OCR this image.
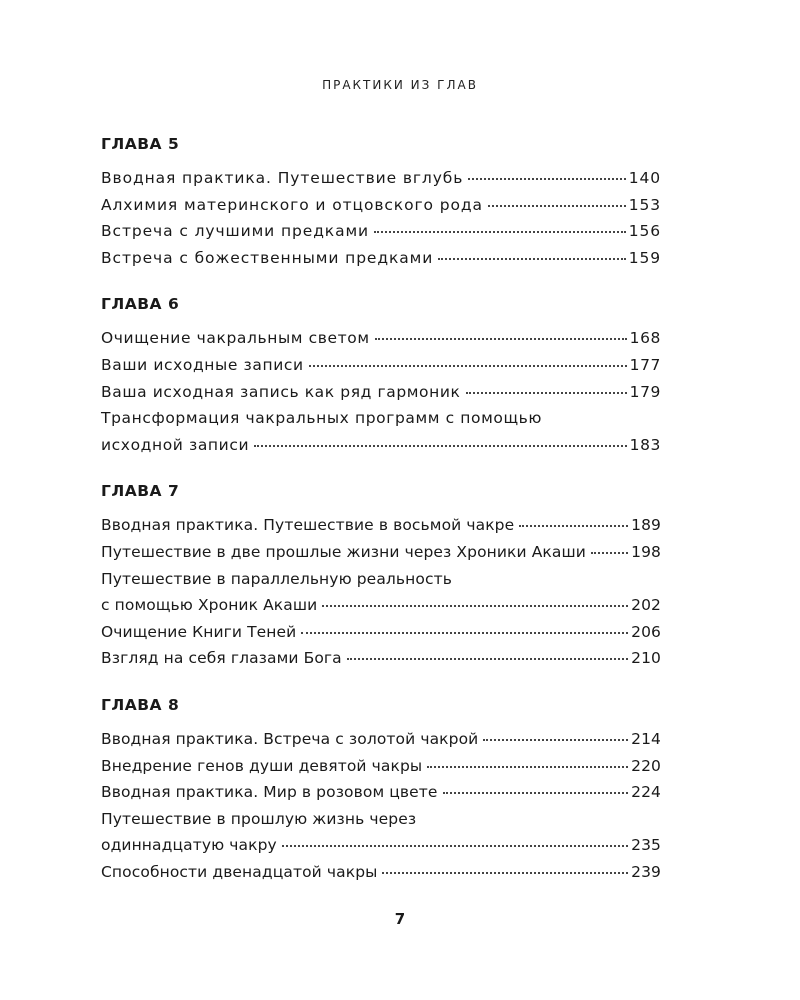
ПРАКТИКИ ИЗ ГЛАВ
ГЛАВА 5
Вводная практика. Путешествие вглубь	140
Алхимия материнского и отцовского рода	153
Встреча с лучшими предками	156
Встреча с божественными предками	159
ГЛАВА 6
Очищение чакральным светом	168
Ваши исходные записи	177
Ваша исходная запись как ряд гармоник	179
Трансформация чакральных программ с помощью
исходной записи	183
ГЛАВА 7
Вводная практика. Путешествие в восьмой чакре	189
Путешествие в две прошлые жизни через Хроники Акаши	198
Путешествие в параллельную реальность
с помощью Хроник Акаши	202
Очищение Книги Теней	206
Взгляд на себя глазами Бога	210
ГЛАВА 8
Вводная практика. Встреча с золотой чакрой	214
Внедрение генов души девятой чакры	220
Вводная практика. Мир в розовом цвете	224
Путешествие в прошлую жизнь через
одиннадцатую чакру	235
Способности двенадцатой чакры	239
7
